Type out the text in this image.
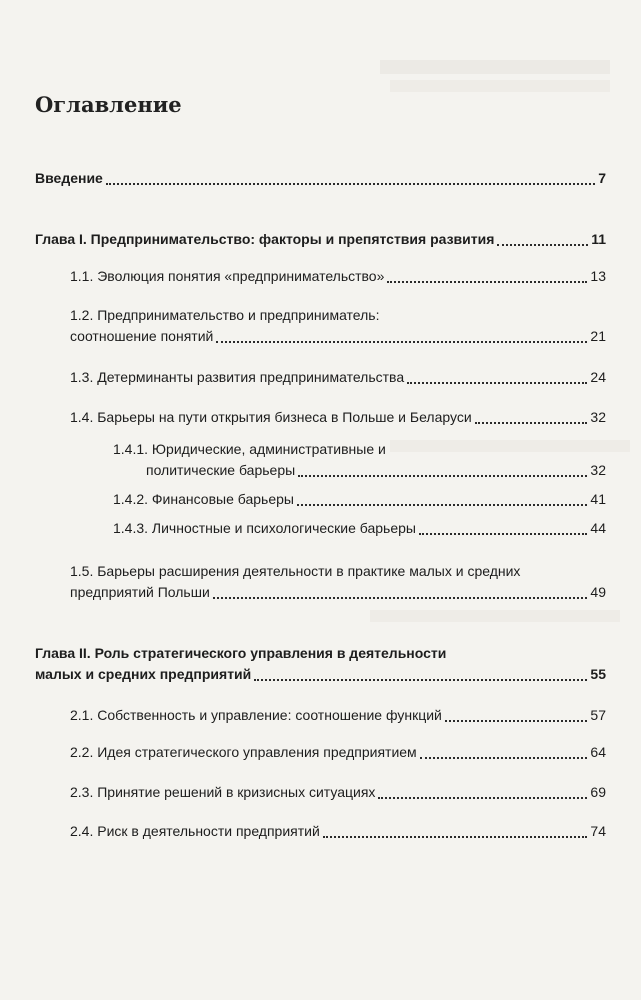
Оглавление
Введение	7
Глава I. Предпринимательство: факторы и препятствия развития	11
1.1. Эволюция понятия «предпринимательство»	13
1.2. Предпринимательство и предприниматель:
соотношение понятий	21
1.3. Детерминанты развития предпринимательства	24
1.4. Барьеры на пути открытия бизнеса в Польше и Беларуси	32
1.4.1. Юридические, административные и
политические барьеры	32
1.4.2. Финансовые барьеры	41
1.4.3. Личностные и психологические барьеры	44
1.5. Барьеры расширения деятельности в практике малых и средних
предприятий Польши	49
Глава II. Роль стратегического управления в деятельности
малых и средних предприятий	55
2.1. Собственность и управление: соотношение функций	57
2.2. Идея стратегического управления предприятием	64
2.3. Принятие решений в кризисных ситуациях	69
2.4. Риск в деятельности предприятий	74
